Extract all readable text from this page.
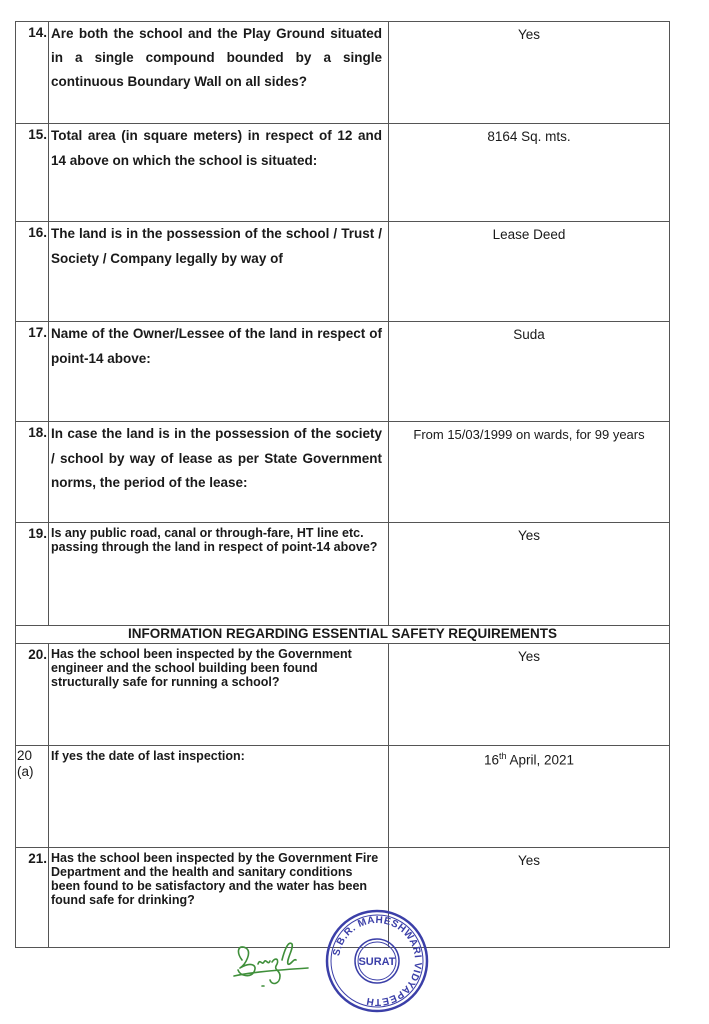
14.	Are both the school and the Play Ground situated in a single compound bounded by a single continuous Boundary Wall on all sides?	Yes
15.	Total area (in square meters) in respect of 12 and 14 above on which the school is situated:	8164 Sq. mts.
16.	The land is in the possession of the school / Trust / Society / Company legally by way of	Lease Deed
17.	Name of the Owner/Lessee of the land in respect of point-14 above:	Suda
18.	In case the land is in the possession of the society / school by way of lease as per State Government norms, the period of the lease:	From 15/03/1999 on wards, for 99 years
19.	Is any public road, canal or through-fare, HT line etc. passing through the land in respect of point-14 above?	Yes
INFORMATION REGARDING ESSENTIAL SAFETY REQUIREMENTS		
20.	Has the school been inspected by the Government engineer and the school building been found structurally safe for running a school?	Yes
20 (a)	If yes the date of last inspection:	16th April, 2021
21.	Has the school been inspected by the Government Fire Department and the health and sanitary conditions been found to be satisfactory and the water has been found safe for drinking?	Yes
S.B.R. MAHESHWARI VIDYAPEETH
SURAT
